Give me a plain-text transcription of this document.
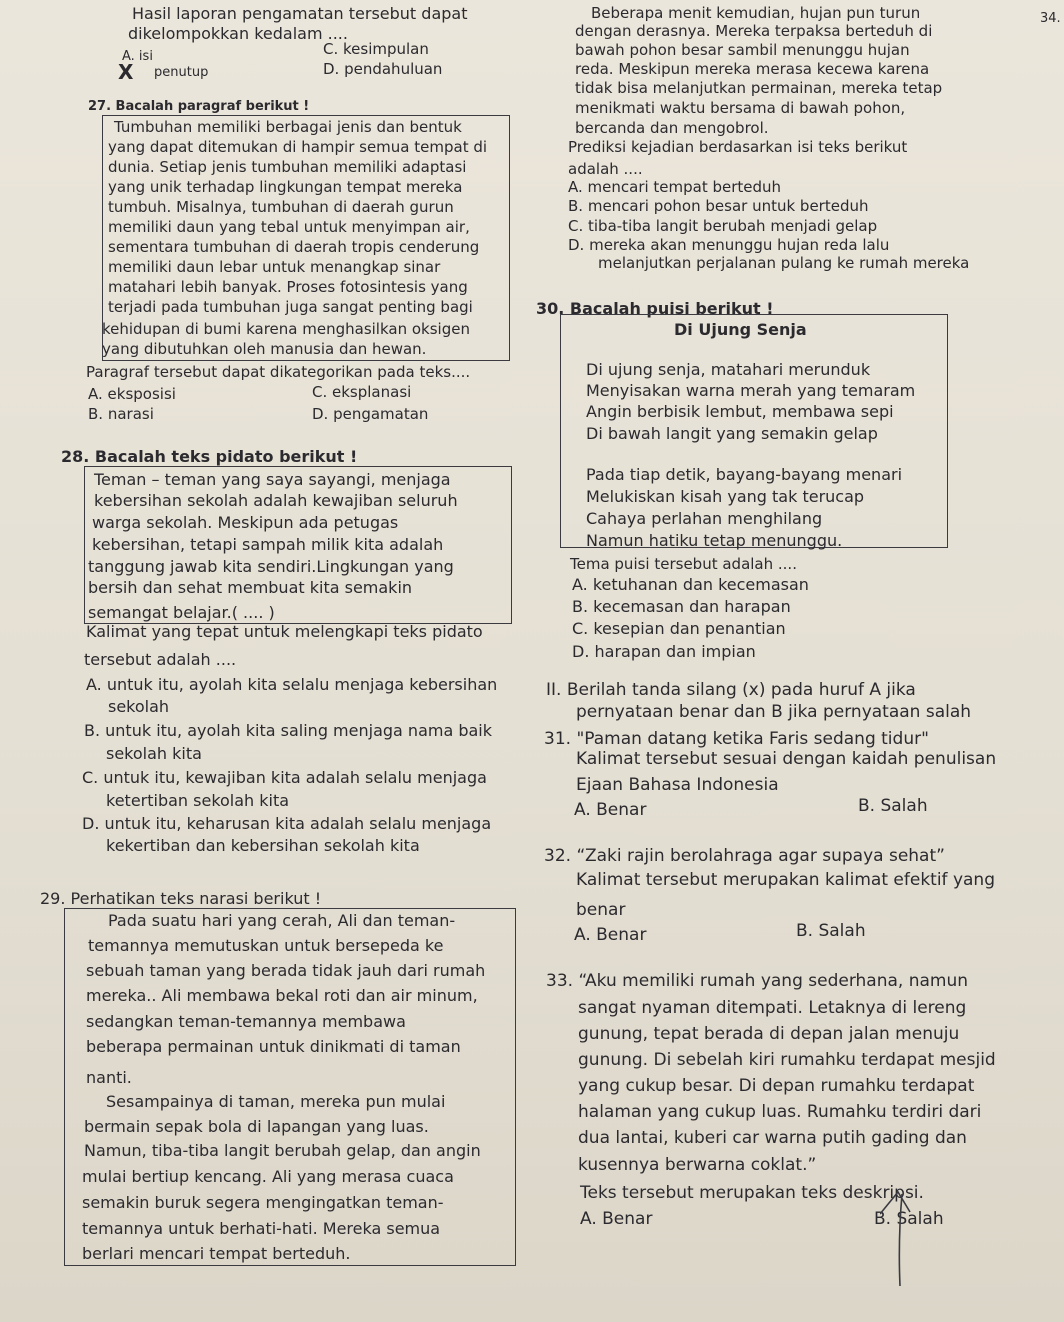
Hasil laporan pengamatan tersebut dapat
dikelompokkan kedalam ....
A. isi
X penutup
C. kesimpulan
D. pendahuluan
27. Bacalah paragraf berikut !
Tumbuhan memiliki berbagai jenis dan bentuk
yang dapat ditemukan di hampir semua tempat di
dunia. Setiap jenis tumbuhan memiliki adaptasi
yang unik terhadap lingkungan tempat mereka
tumbuh. Misalnya, tumbuhan di daerah gurun
memiliki daun yang tebal untuk menyimpan air,
sementara tumbuhan di daerah tropis cenderung
memiliki daun lebar untuk menangkap sinar
matahari lebih banyak. Proses fotosintesis yang
terjadi pada tumbuhan juga sangat penting bagi
kehidupan di bumi karena menghasilkan oksigen
yang dibutuhkan oleh manusia dan hewan.
Paragraf tersebut dapat dikategorikan pada teks....
A. eksposisi
B. narasi
C. eksplanasi
D. pengamatan
28. Bacalah teks pidato berikut !
Teman – teman yang saya sayangi, menjaga
kebersihan sekolah adalah kewajiban seluruh
warga sekolah. Meskipun ada petugas
kebersihan, tetapi sampah milik kita adalah
tanggung jawab kita sendiri.Lingkungan yang
bersih dan sehat membuat kita semakin
semangat belajar.( .... )
Kalimat yang tepat untuk melengkapi teks pidato
tersebut adalah ....
A. untuk itu, ayolah kita selalu menjaga kebersihan
sekolah
B. untuk itu, ayolah kita saling menjaga nama baik
sekolah kita
C. untuk itu, kewajiban kita adalah selalu menjaga
ketertiban sekolah kita
D. untuk itu, keharusan kita adalah selalu menjaga
kekertiban dan kebersihan sekolah kita
29. Perhatikan teks narasi berikut !
Pada suatu hari yang cerah, Ali dan teman-
temannya memutuskan untuk bersepeda ke
sebuah taman yang berada tidak jauh dari rumah
mereka.. Ali membawa bekal roti dan air minum,
sedangkan teman-temannya membawa
beberapa permainan untuk dinikmati di taman
nanti.
Sesampainya di taman, mereka pun mulai
bermain sepak bola di lapangan yang luas.
Namun, tiba-tiba langit berubah gelap, dan angin
mulai bertiup kencang. Ali yang merasa cuaca
semakin buruk segera mengingatkan teman-
temannya untuk berhati-hati. Mereka semua
berlari mencari tempat berteduh.
Beberapa menit kemudian, hujan pun turun
dengan derasnya. Mereka terpaksa berteduh di
bawah pohon besar sambil menunggu hujan
reda. Meskipun mereka merasa kecewa karena
tidak bisa melanjutkan permainan, mereka tetap
menikmati waktu bersama di bawah pohon,
bercanda dan mengobrol.
Prediksi kejadian berdasarkan isi teks berikut
adalah ....
A. mencari tempat berteduh
B. mencari pohon besar untuk berteduh
C. tiba-tiba langit berubah menjadi gelap
D. mereka akan menunggu hujan reda lalu
melanjutkan perjalanan pulang ke rumah mereka
30. Bacalah puisi berikut !
Di Ujung Senja
Di ujung senja, matahari merunduk
Menyisakan warna merah yang temaram
Angin berbisik lembut, membawa sepi
Di bawah langit yang semakin gelap
Pada tiap detik, bayang-bayang menari
Melukiskan kisah yang tak terucap
Cahaya perlahan menghilang
Namun hatiku tetap menunggu.
Tema puisi tersebut adalah ....
A. ketuhanan dan kecemasan
B. kecemasan dan harapan
C. kesepian dan penantian
D. harapan dan impian
II. Berilah tanda silang (x) pada huruf A jika
pernyataan benar dan B jika pernyataan salah
31. "Paman datang ketika Faris sedang tidur"
Kalimat tersebut sesuai dengan kaidah penulisan
Ejaan Bahasa Indonesia
A. Benar	B. Salah
32. “Zaki rajin berolahraga agar supaya sehat”
Kalimat tersebut merupakan kalimat efektif yang
benar
A. Benar	B. Salah
33. “Aku memiliki rumah yang sederhana, namun
sangat nyaman ditempati. Letaknya di lereng
gunung, tepat berada di depan jalan menuju
gunung. Di sebelah kiri rumahku terdapat mesjid
yang cukup besar. Di depan rumahku terdapat
halaman yang cukup luas. Rumahku terdiri dari
dua lantai, kuberi car warna putih gading dan
kusennya berwarna coklat.”
Teks tersebut merupakan teks deskripsi.
A. Benar	B. Salah
34.
